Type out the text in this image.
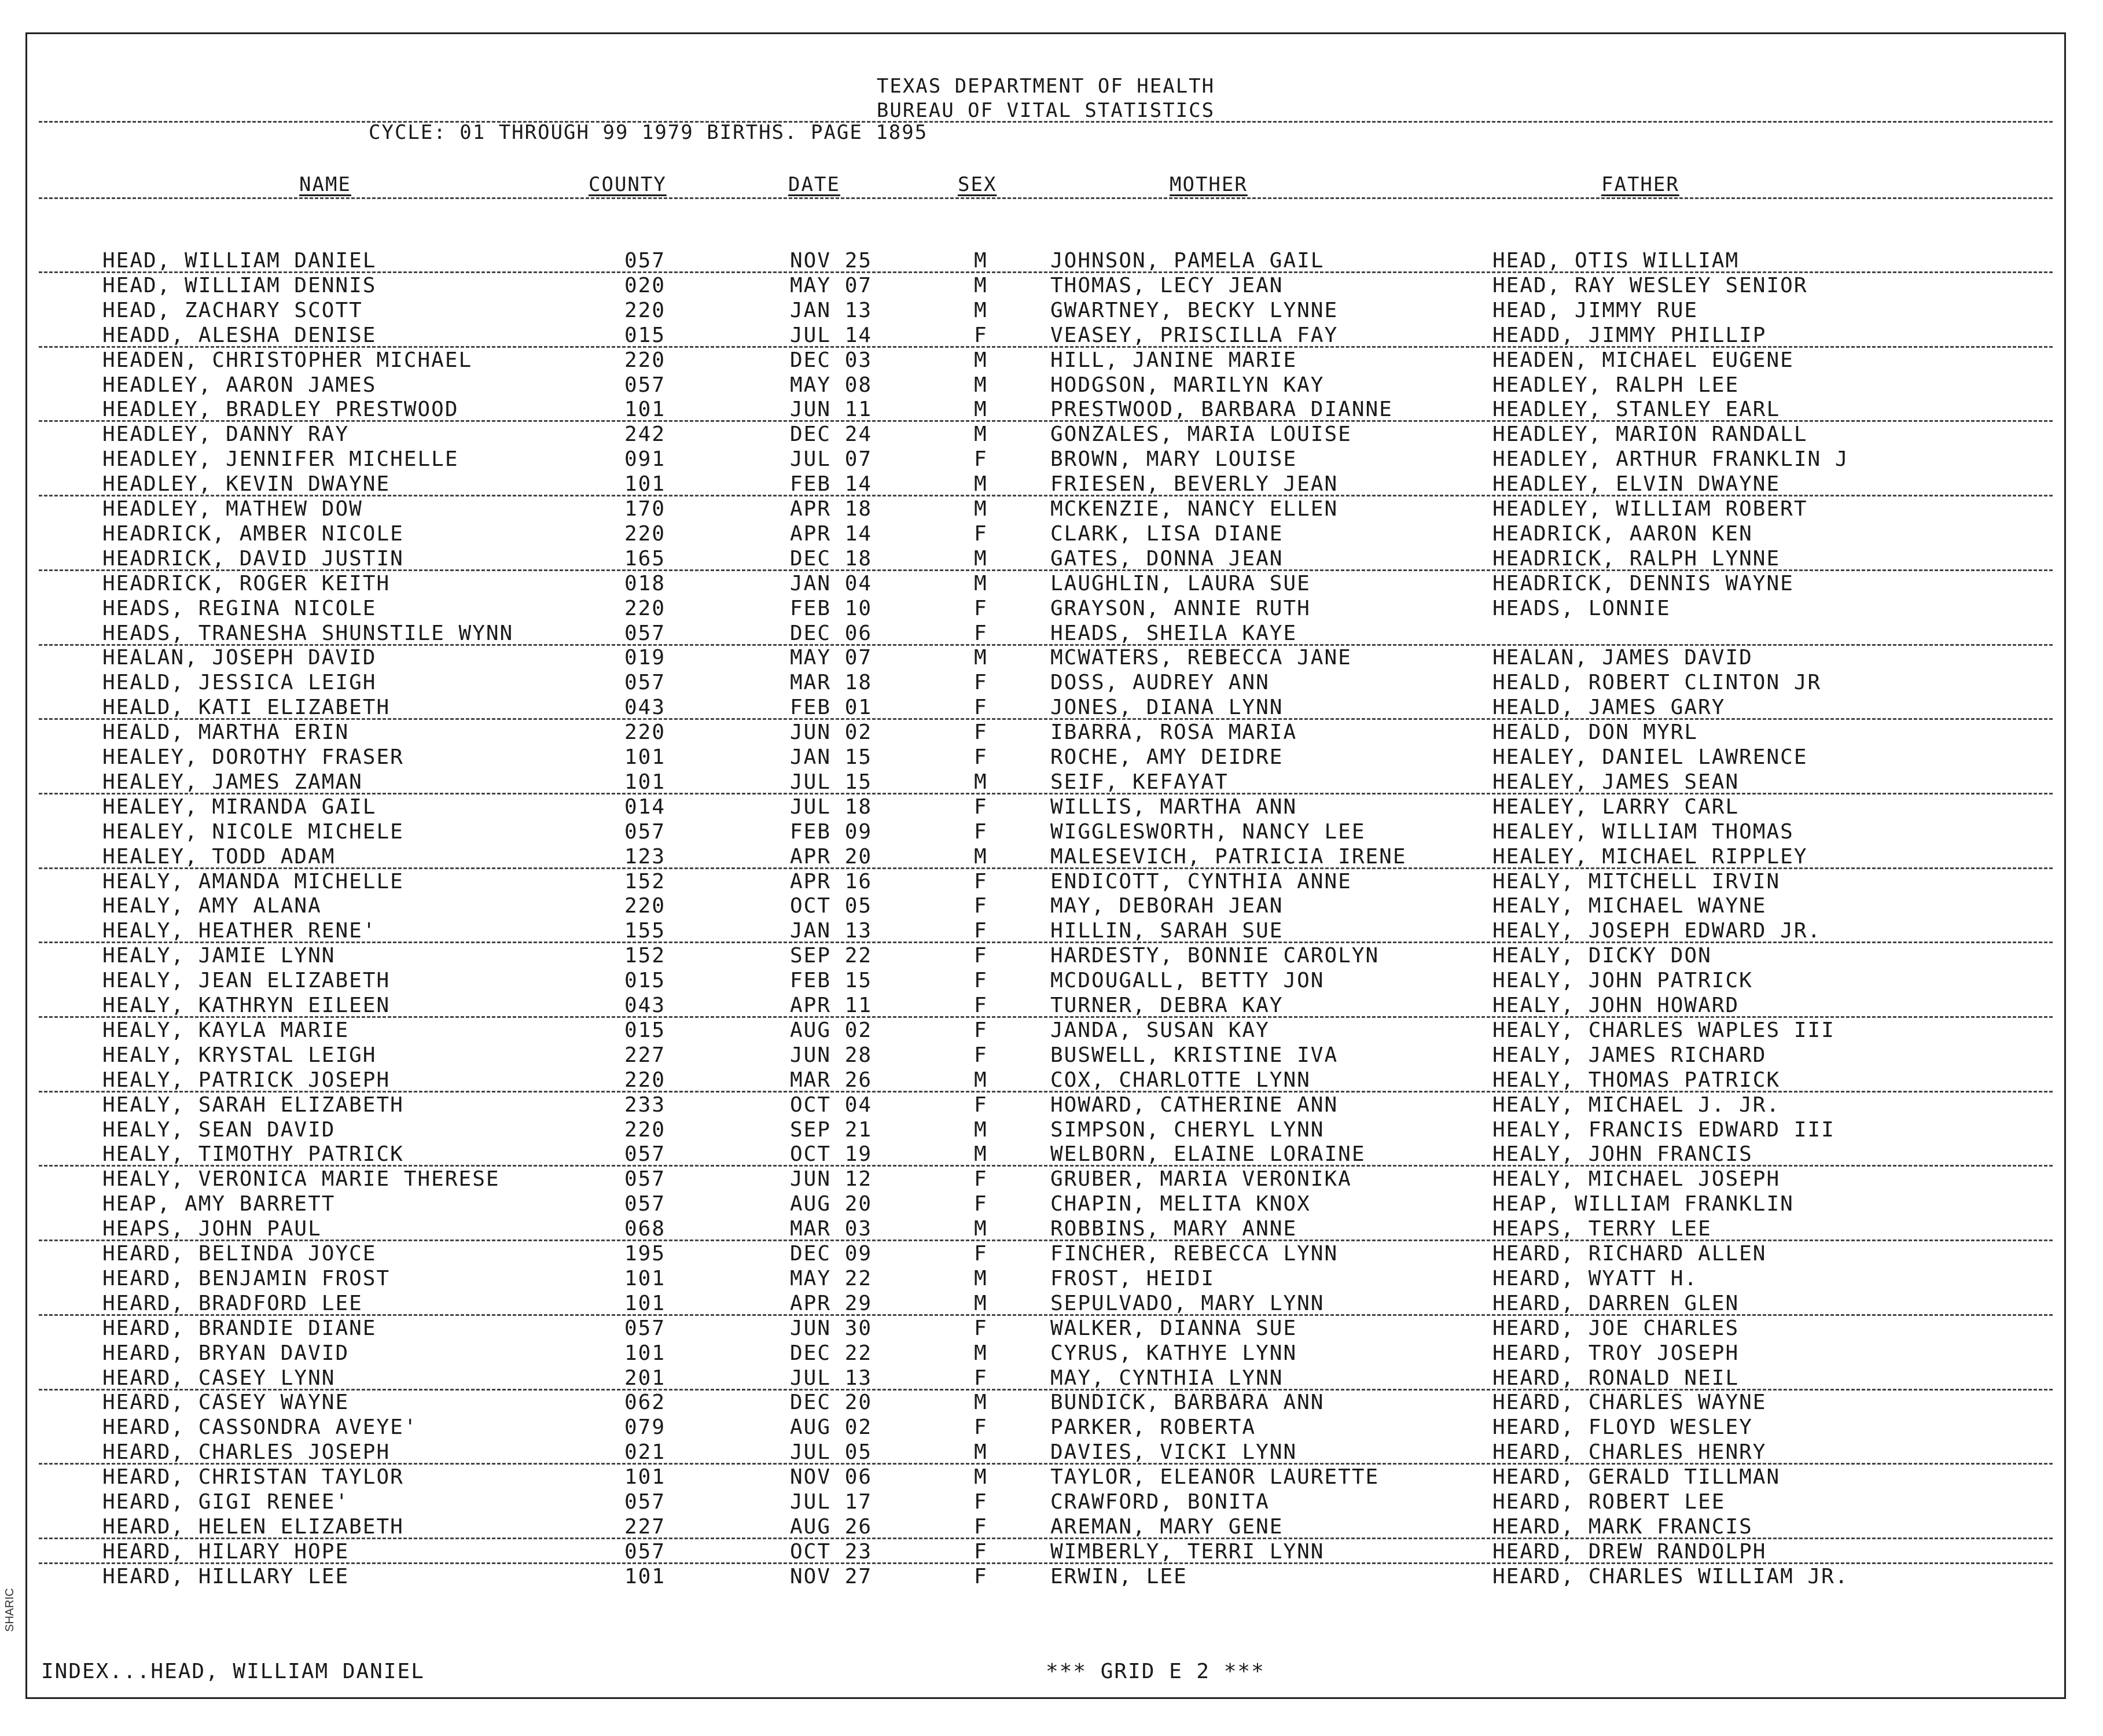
SHARIC
TEXAS DEPARTMENT OF HEALTH
BUREAU OF VITAL STATISTICS
CYCLE: 01 THROUGH 99 1979 BIRTHS. PAGE 1895
NAME	COUNTY	DATE	SEX	MOTHER	FATHER
HEAD, WILLIAM DANIEL	057	NOV 25	M	JOHNSON, PAMELA GAIL	HEAD, OTIS WILLIAM
HEAD, WILLIAM DENNIS	020	MAY 07	M	THOMAS, LECY JEAN	HEAD, RAY WESLEY SENIOR
HEAD, ZACHARY SCOTT	220	JAN 13	M	GWARTNEY, BECKY LYNNE	HEAD, JIMMY RUE
HEADD, ALESHA DENISE	015	JUL 14	F	VEASEY, PRISCILLA FAY	HEADD, JIMMY PHILLIP
HEADEN, CHRISTOPHER MICHAEL	220	DEC 03	M	HILL, JANINE MARIE	HEADEN, MICHAEL EUGENE
HEADLEY, AARON JAMES	057	MAY 08	M	HODGSON, MARILYN KAY	HEADLEY, RALPH LEE
HEADLEY, BRADLEY PRESTWOOD	101	JUN 11	M	PRESTWOOD, BARBARA DIANNE	HEADLEY, STANLEY EARL
HEADLEY, DANNY RAY	242	DEC 24	M	GONZALES, MARIA LOUISE	HEADLEY, MARION RANDALL
HEADLEY, JENNIFER MICHELLE	091	JUL 07	F	BROWN, MARY LOUISE	HEADLEY, ARTHUR FRANKLIN J
HEADLEY, KEVIN DWAYNE	101	FEB 14	M	FRIESEN, BEVERLY JEAN	HEADLEY, ELVIN DWAYNE
HEADLEY, MATHEW DOW	170	APR 18	M	MCKENZIE, NANCY ELLEN	HEADLEY, WILLIAM ROBERT
HEADRICK, AMBER NICOLE	220	APR 14	F	CLARK, LISA DIANE	HEADRICK, AARON KEN
HEADRICK, DAVID JUSTIN	165	DEC 18	M	GATES, DONNA JEAN	HEADRICK, RALPH LYNNE
HEADRICK, ROGER KEITH	018	JAN 04	M	LAUGHLIN, LAURA SUE	HEADRICK, DENNIS WAYNE
HEADS, REGINA NICOLE	220	FEB 10	F	GRAYSON, ANNIE RUTH	HEADS, LONNIE
HEADS, TRANESHA SHUNSTILE WYNN	057	DEC 06	F	HEADS, SHEILA KAYE
HEALAN, JOSEPH DAVID	019	MAY 07	M	MCWATERS, REBECCA JANE	HEALAN, JAMES DAVID
HEALD, JESSICA LEIGH	057	MAR 18	F	DOSS, AUDREY ANN	HEALD, ROBERT CLINTON JR
HEALD, KATI ELIZABETH	043	FEB 01	F	JONES, DIANA LYNN	HEALD, JAMES GARY
HEALD, MARTHA ERIN	220	JUN 02	F	IBARRA, ROSA MARIA	HEALD, DON MYRL
HEALEY, DOROTHY FRASER	101	JAN 15	F	ROCHE, AMY DEIDRE	HEALEY, DANIEL LAWRENCE
HEALEY, JAMES ZAMAN	101	JUL 15	M	SEIF, KEFAYAT	HEALEY, JAMES SEAN
HEALEY, MIRANDA GAIL	014	JUL 18	F	WILLIS, MARTHA ANN	HEALEY, LARRY CARL
HEALEY, NICOLE MICHELE	057	FEB 09	F	WIGGLESWORTH, NANCY LEE	HEALEY, WILLIAM THOMAS
HEALEY, TODD ADAM	123	APR 20	M	MALESEVICH, PATRICIA IRENE	HEALEY, MICHAEL RIPPLEY
HEALY, AMANDA MICHELLE	152	APR 16	F	ENDICOTT, CYNTHIA ANNE	HEALY, MITCHELL IRVIN
HEALY, AMY ALANA	220	OCT 05	F	MAY, DEBORAH JEAN	HEALY, MICHAEL WAYNE
HEALY, HEATHER RENE'	155	JAN 13	F	HILLIN, SARAH SUE	HEALY, JOSEPH EDWARD JR.
HEALY, JAMIE LYNN	152	SEP 22	F	HARDESTY, BONNIE CAROLYN	HEALY, DICKY DON
HEALY, JEAN ELIZABETH	015	FEB 15	F	MCDOUGALL, BETTY JON	HEALY, JOHN PATRICK
HEALY, KATHRYN EILEEN	043	APR 11	F	TURNER, DEBRA KAY	HEALY, JOHN HOWARD
HEALY, KAYLA MARIE	015	AUG 02	F	JANDA, SUSAN KAY	HEALY, CHARLES WAPLES III
HEALY, KRYSTAL LEIGH	227	JUN 28	F	BUSWELL, KRISTINE IVA	HEALY, JAMES RICHARD
HEALY, PATRICK JOSEPH	220	MAR 26	M	COX, CHARLOTTE LYNN	HEALY, THOMAS PATRICK
HEALY, SARAH ELIZABETH	233	OCT 04	F	HOWARD, CATHERINE ANN	HEALY, MICHAEL J. JR.
HEALY, SEAN DAVID	220	SEP 21	M	SIMPSON, CHERYL LYNN	HEALY, FRANCIS EDWARD III
HEALY, TIMOTHY PATRICK	057	OCT 19	M	WELBORN, ELAINE LORAINE	HEALY, JOHN FRANCIS
HEALY, VERONICA MARIE THERESE	057	JUN 12	F	GRUBER, MARIA VERONIKA	HEALY, MICHAEL JOSEPH
HEAP, AMY BARRETT	057	AUG 20	F	CHAPIN, MELITA KNOX	HEAP, WILLIAM FRANKLIN
HEAPS, JOHN PAUL	068	MAR 03	M	ROBBINS, MARY ANNE	HEAPS, TERRY LEE
HEARD, BELINDA JOYCE	195	DEC 09	F	FINCHER, REBECCA LYNN	HEARD, RICHARD ALLEN
HEARD, BENJAMIN FROST	101	MAY 22	M	FROST, HEIDI	HEARD, WYATT H.
HEARD, BRADFORD LEE	101	APR 29	M	SEPULVADO, MARY LYNN	HEARD, DARREN GLEN
HEARD, BRANDIE DIANE	057	JUN 30	F	WALKER, DIANNA SUE	HEARD, JOE CHARLES
HEARD, BRYAN DAVID	101	DEC 22	M	CYRUS, KATHYE LYNN	HEARD, TROY JOSEPH
HEARD, CASEY LYNN	201	JUL 13	F	MAY, CYNTHIA LYNN	HEARD, RONALD NEIL
HEARD, CASEY WAYNE	062	DEC 20	M	BUNDICK, BARBARA ANN	HEARD, CHARLES WAYNE
HEARD, CASSONDRA AVEYE'	079	AUG 02	F	PARKER, ROBERTA	HEARD, FLOYD WESLEY
HEARD, CHARLES JOSEPH	021	JUL 05	M	DAVIES, VICKI LYNN	HEARD, CHARLES HENRY
HEARD, CHRISTAN TAYLOR	101	NOV 06	M	TAYLOR, ELEANOR LAURETTE	HEARD, GERALD TILLMAN
HEARD, GIGI RENEE'	057	JUL 17	F	CRAWFORD, BONITA	HEARD, ROBERT LEE
HEARD, HELEN ELIZABETH	227	AUG 26	F	AREMAN, MARY GENE	HEARD, MARK FRANCIS
HEARD, HILARY HOPE	057	OCT 23	F	WIMBERLY, TERRI LYNN	HEARD, DREW RANDOLPH
HEARD, HILLARY LEE	101	NOV 27	F	ERWIN, LEE	HEARD, CHARLES WILLIAM JR.
INDEX...HEAD, WILLIAM DANIEL	*** GRID E 2 ***
